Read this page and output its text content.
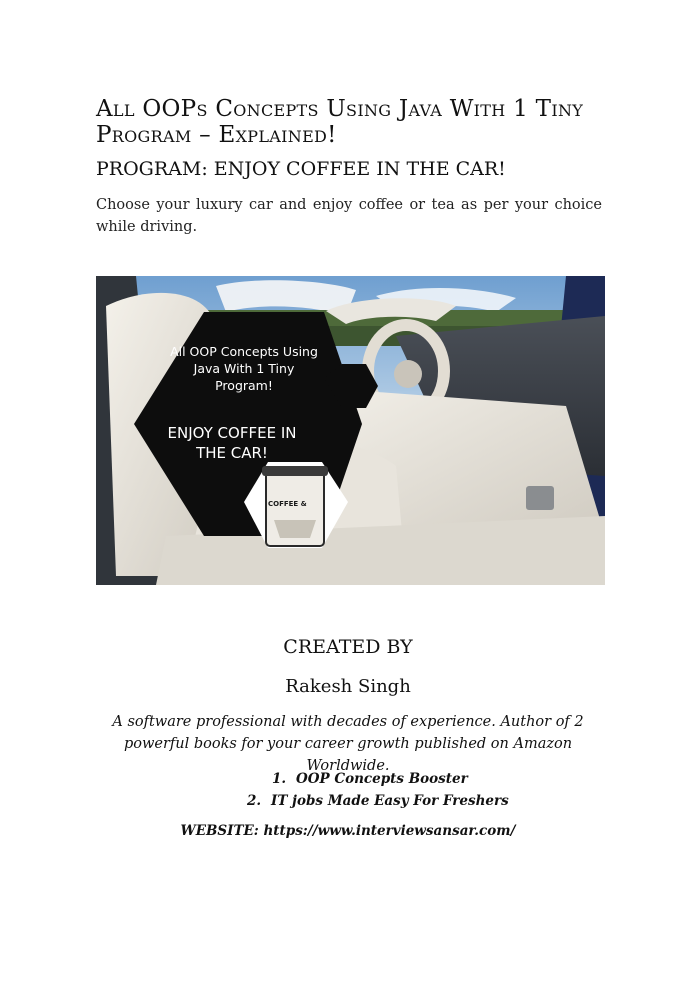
All OOPs Concepts Using Java With 1 Tiny Program – Explained!
PROGRAM: ENJOY COFFEE IN THE CAR!

Choose your luxury car and enjoy coffee or tea as per your choice while driving.

COFFEE &
All OOP Concepts Using
Java With 1 Tiny
Program!
ENJOY COFFEE IN
THE CAR!
CREATED BY
Rakesh Singh
A software professional with decades of experience. Author of 2 powerful books for your career growth published on Amazon Worldwide.
1. OOP Concepts Booster
2. IT jobs Made Easy For Freshers
WEBSITE: https://www.interviewsansar.com/
